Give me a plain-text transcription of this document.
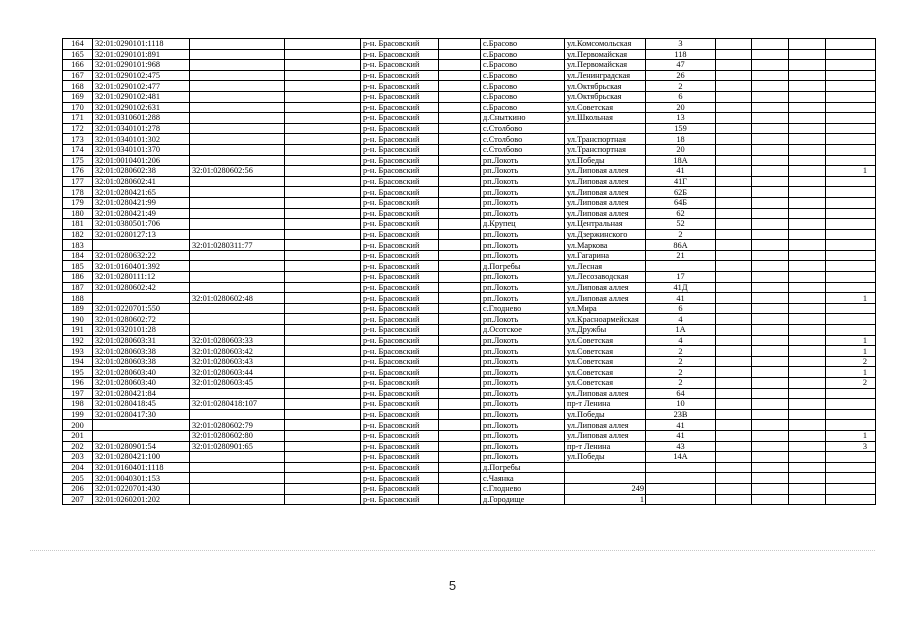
164	32:01:0290101:1118			р-н. Брасовский		с.Брасово	ул.Комсомольская	3				
165	32:01:0290101:891			р-н. Брасовский		с.Брасово	ул.Первомайская	118				
166	32:01:0290101:968			р-н. Брасовский		с.Брасово	ул.Первомайская	47				
167	32:01:0290102:475			р-н. Брасовский		с.Брасово	ул.Ленинградская	26				
168	32:01:0290102:477			р-н. Брасовский		с.Брасово	ул.Октябрьская	2				
169	32:01:0290102:481			р-н. Брасовский		с.Брасово	ул.Октябрьская	6				
170	32:01:0290102:631			р-н. Брасовский		с.Брасово	ул.Советская	20				
171	32:01:0310601:288			р-н. Брасовский		д.Сныткино	ул.Школьная	13				
172	32:01:0340101:278			р-н. Брасовский		с.Столбово		159				
173	32:01:0340101:302			р-н. Брасовский		с.Столбово	ул.Транспортная	18				
174	32:01:0340101:370			р-н. Брасовский		с.Столбово	ул.Транспортная	20				
175	32:01:0010401:206			р-н. Брасовский		рп.Локоть	ул.Победы	18А				
176	32:01:0280602:38	32:01:0280602:56		р-н. Брасовский		рп.Локоть	ул.Липовая аллея	41				1
177	32:01:0280602:41			р-н. Брасовский		рп.Локоть	ул.Липовая аллея	41Г				
178	32:01:0280421:65			р-н. Брасовский		рп.Локоть	ул.Липовая аллея	62Б				
179	32:01:0280421:99			р-н. Брасовский		рп.Локоть	ул.Липовая аллея	64Б				
180	32:01:0280421:49			р-н. Брасовский		рп.Локоть	ул.Липовая аллея	62				
181	32:01:0380501:706			р-н. Брасовский		д.Крупец	ул.Центральная	52				
182	32:01:0280127:13			р-н. Брасовский		рп.Локоть	ул.Дзержинского	2				
183		32:01:0280311:77		р-н. Брасовский		рп.Локоть	ул.Маркова	86А				
184	32:01:0280632:22			р-н. Брасовский		рп.Локоть	ул.Гагарина	21				
185	32:01:0160401:392			р-н. Брасовский		д.Погребы	ул.Лесная					
186	32:01:0280111:12			р-н. Брасовский		рп.Локоть	ул.Лесозаводская	17				
187	32:01:0280602:42			р-н. Брасовский		рп.Локоть	ул.Липовая аллея	41Д				
188		32:01:0280602:48		р-н. Брасовский		рп.Локоть	ул.Липовая аллея	41				1
189	32:01:0220701:550			р-н. Брасовский		с.Глоднево	ул.Мира	6				
190	32:01:0280602:72			р-н. Брасовский		рп.Локоть	ул.Красноармейская	4				
191	32:01:0320101:28			р-н. Брасовский		д.Осотское	ул.Дружбы	1А				
192	32:01:0280603:31	32:01:0280603:33		р-н. Брасовский		рп.Локоть	ул.Советская	4				1
193	32:01:0280603:38	32:01:0280603:42		р-н. Брасовский		рп.Локоть	ул.Советская	2				1
194	32:01:0280603:38	32:01:0280603:43		р-н. Брасовский		рп.Локоть	ул.Советская	2				2
195	32:01:0280603:40	32:01:0280603:44		р-н. Брасовский		рп.Локоть	ул.Советская	2				1
196	32:01:0280603:40	32:01:0280603:45		р-н. Брасовский		рп.Локоть	ул.Советская	2				2
197	32:01:0280421:84			р-н. Брасовский		рп.Локоть	ул.Липовая аллея	64				
198	32:01:0280418:45	32:01:0280418:107		р-н. Брасовский		рп.Локоть	пр-т Ленина	10				
199	32:01:0280417:30			р-н. Брасовский		рп.Локоть	ул.Победы	23В				
200		32:01:0280602:79		р-н. Брасовский		рп.Локоть	ул.Липовая аллея	41				
201		32:01:0280602:80		р-н. Брасовский		рп.Локоть	ул.Липовая аллея	41				1
202	32:01:0280901:54	32:01:0280901:65		р-н. Брасовский		рп.Локоть	пр-т Ленина	43				3
203	32:01:0280421:100			р-н. Брасовский		рп.Локоть	ул.Победы	14А				
204	32:01:0160401:1118			р-н. Брасовский		д.Погребы						
205	32:01:0040301:153			р-н. Брасовский		с.Чаянка						
206	32:01:0220701:430			р-н. Брасовский		с.Глоднево	249					
207	32:01:0260201:202			р-н. Брасовский		д.Городище	1					
5
